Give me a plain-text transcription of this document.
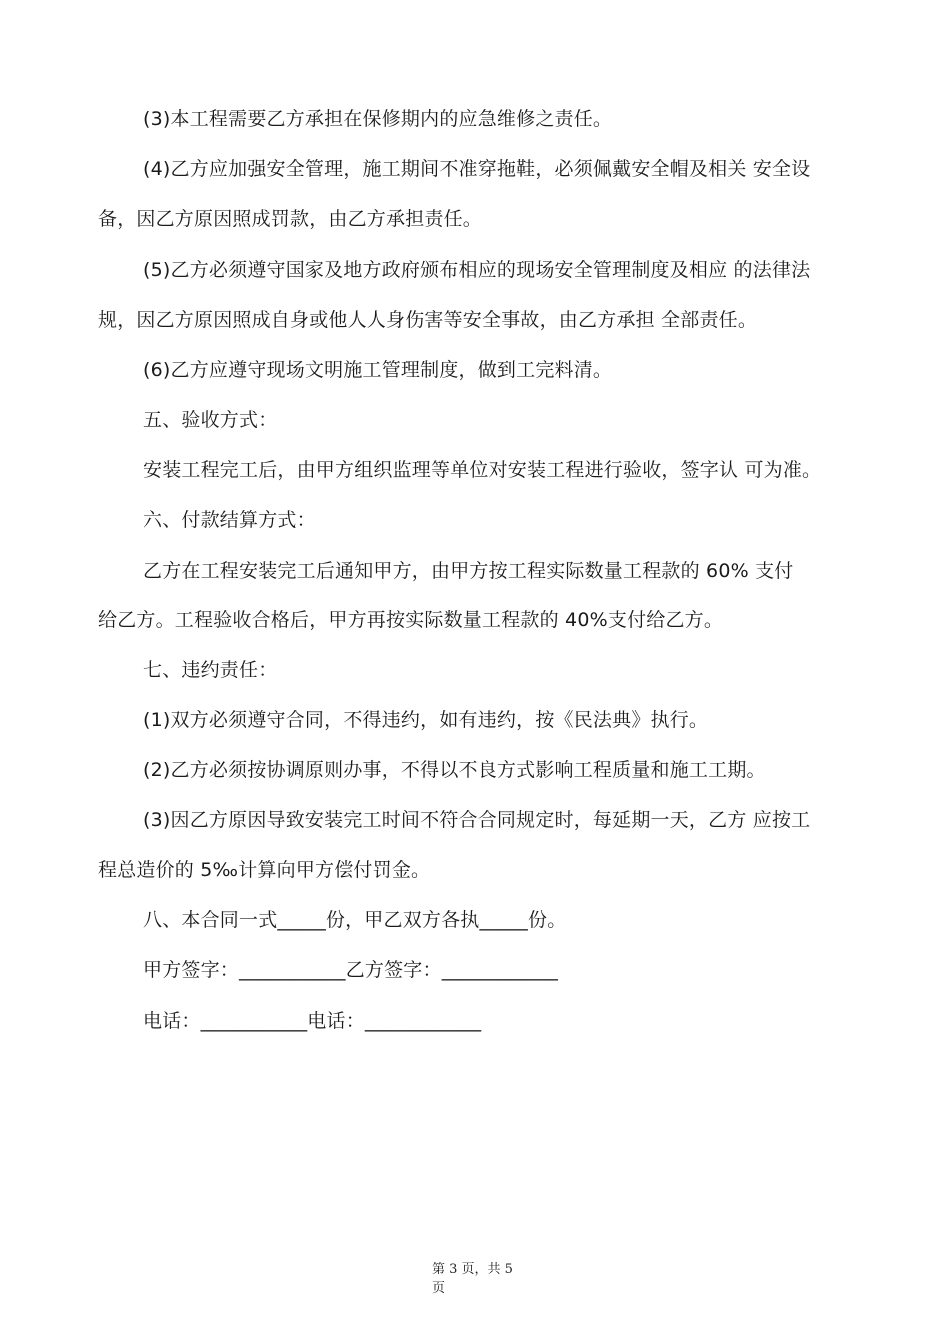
(3)本工程需要乙方承担在保修期内的应急维修之责任。
(4)乙方应加强安全管理，施工期间不准穿拖鞋，必须佩戴安全帽及相关 安全设
备，因乙方原因照成罚款，由乙方承担责任。
(5)乙方必须遵守国家及地方政府颁布相应的现场安全管理制度及相应 的法律法
规，因乙方原因照成自身或他人人身伤害等安全事故，由乙方承担 全部责任。
(6)乙方应遵守现场文明施工管理制度，做到工完料清。
五、验收方式：
安装工程完工后，由甲方组织监理等单位对安装工程进行验收，签字认 可为准。
六、付款结算方式：
乙方在工程安装完工后通知甲方，由甲方按工程实际数量工程款的 60% 支付
给乙方。工程验收合格后，甲方再按实际数量工程款的 40%支付给乙方。
七、违约责任：
(1)双方必须遵守合同，不得违约，如有违约，按《民法典》执行。
(2)乙方必须按协调原则办事，不得以不良方式影响工程质量和施工工期。
(3)因乙方原因导致安装完工时间不符合合同规定时，每延期一天，乙方 应按工
程总造价的 5‰计算向甲方偿付罚金。
八、本合同一式_____份，甲乙双方各执_____份。
甲方签字：___________乙方签字：____________
电话：___________电话：____________
第 3 页，共 5
页
